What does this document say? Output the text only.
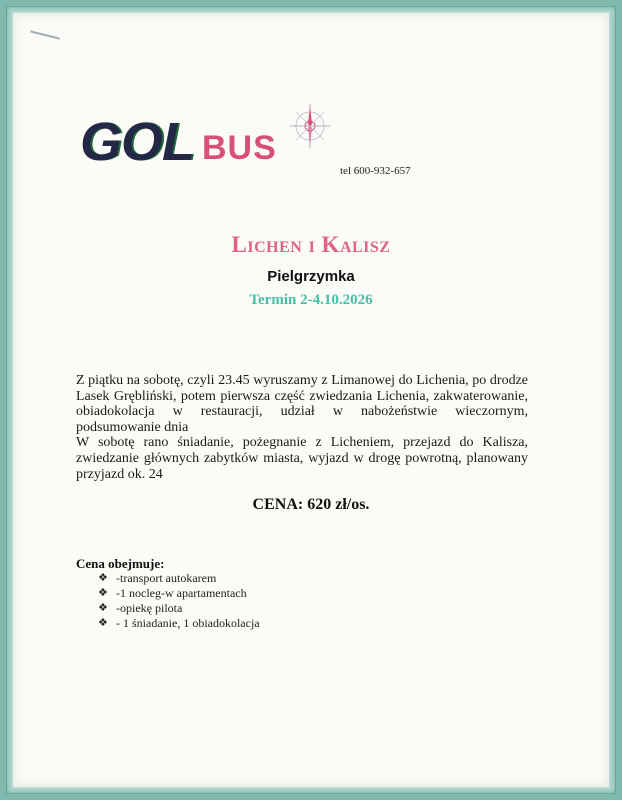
GOL BUS
tel 600-932-657
Lichen i Kalisz
Pielgrzymka
Termin 2-4.10.2026

Z piątku na sobotę, czyli 23.45 wyruszamy z Limanowej do Lichenia, po drodze Lasek Grębliński, potem pierwsza część zwiedzania Lichenia, zakwaterowanie, obiadokolacja w restauracji, udział w nabożeństwie wieczornym, podsumowanie dnia

W sobotę rano śniadanie, pożegnanie z Licheniem, przejazd do Kalisza, zwiedzanie głównych zabytków miasta, wyjazd w drogę powrotną, planowany przyjazd ok. 24

CENA: 620 zł/os.
Cena obejmuje:
❖ -transport autokarem
❖ -1 nocleg-w apartamentach
❖ -opiekę pilota
❖ - 1 śniadanie, 1 obiadokolacja
